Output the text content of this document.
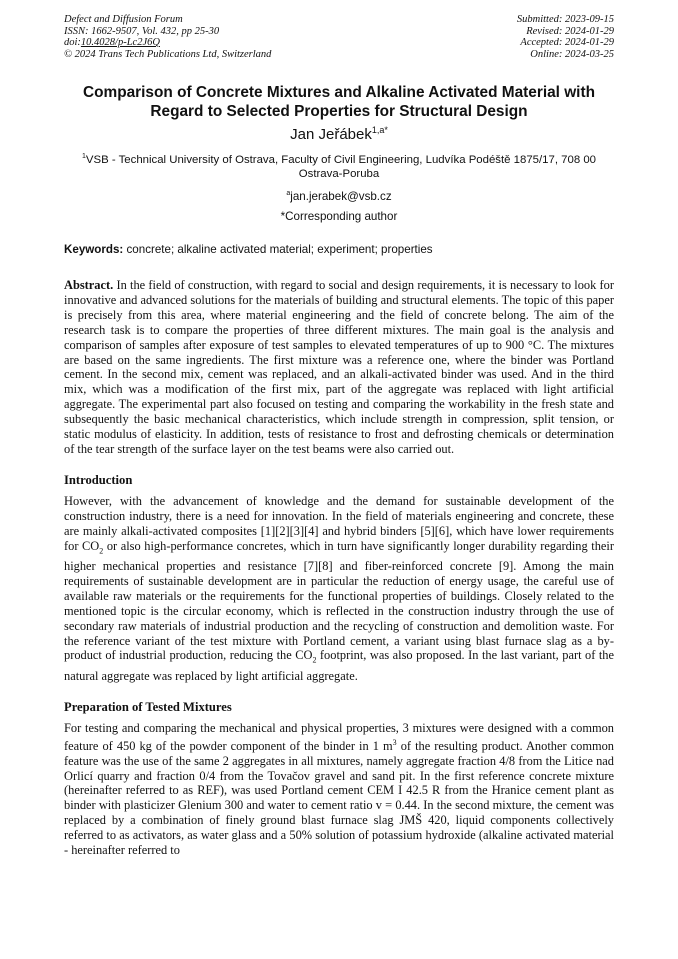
Defect and Diffusion Forum
ISSN: 1662-9507, Vol. 432, pp 25-30
doi:10.4028/p-Lc2J6Q
© 2024 Trans Tech Publications Ltd, Switzerland
Submitted: 2023-09-15
Revised: 2024-01-29
Accepted: 2024-01-29
Online: 2024-03-25
Comparison of Concrete Mixtures and Alkaline Activated Material with Regard to Selected Properties for Structural Design
Jan Jeřábek$^{1,a*}$
$^1$VSB - Technical University of Ostrava, Faculty of Civil Engineering, Ludvíka Podéště 1875/17, 708 00 Ostrava-Poruba
$^a$jan.jerabek@vsb.cz
*Corresponding author
Keywords: concrete; alkaline activated material; experiment; properties

Abstract. In the field of construction, with regard to social and design requirements, it is necessary to look for innovative and advanced solutions for the materials of building and structural elements. The topic of this paper is precisely from this area, where material engineering and the field of concrete belong. The aim of the research task is to compare the properties of three different mixtures. The main goal is the analysis and comparison of samples after exposure of test samples to elevated temperatures of up to 900 °C. The mixtures are based on the same ingredients. The first mixture was a reference one, where the binder was Portland cement. In the second mix, cement was replaced, and an alkali-activated binder was used. And in the third mix, which was a modification of the first mix, part of the aggregate was replaced with light artificial aggregate. The experimental part also focused on testing and comparing the workability in the fresh state and subsequently the basic mechanical characteristics, which include strength in compression, split tension, or static modulus of elasticity. In addition, tests of resistance to frost and defrosting chemicals or determination of the tear strength of the surface layer on the test beams were also carried out.

Introduction

However, with the advancement of knowledge and the demand for sustainable development of the construction industry, there is a need for innovation. In the field of materials engineering and concrete, these are mainly alkali-activated composites [1][2][3][4] and hybrid binders [5][6], which have lower requirements for $CO_2$ or also high-performance concretes, which in turn have significantly longer durability regarding their higher mechanical properties and resistance [7][8] and fiber-reinforced concrete [9]. Among the main requirements of sustainable development are in particular the reduction of energy usage, the careful use of available raw materials or the requirements for the functional properties of buildings. Closely related to the mentioned topic is the circular economy, which is reflected in the construction industry through the use of secondary raw materials of industrial production and the recycling of construction and demolition waste. For the reference variant of the test mixture with Portland cement, a variant using blast furnace slag as a by-product of industrial production, reducing the $CO_2$ footprint, was also proposed. In the last variant, part of the natural aggregate was replaced by light artificial aggregate.

Preparation of Tested Mixtures

For testing and comparing the mechanical and physical properties, 3 mixtures were designed with a common feature of 450 kg of the powder component of the binder in 1 $m^3$ of the resulting product. Another common feature was the use of the same 2 aggregates in all mixtures, namely aggregate fraction 4/8 from the Litice nad Orlicí quarry and fraction 0/4 from the Tovačov gravel and sand pit. In the first reference concrete mixture (hereinafter referred to as REF), was used Portland cement CEM I 42.5 R from the Hranice cement plant as binder with plasticizer Glenium 300 and water to cement ratio v = 0.44. In the second mixture, the cement was replaced by a combination of finely ground blast furnace slag JMŠ 420, liquid components collectively referred to as activators, as water glass and a 50% solution of potassium hydroxide (alkaline activated material - hereinafter referred to
